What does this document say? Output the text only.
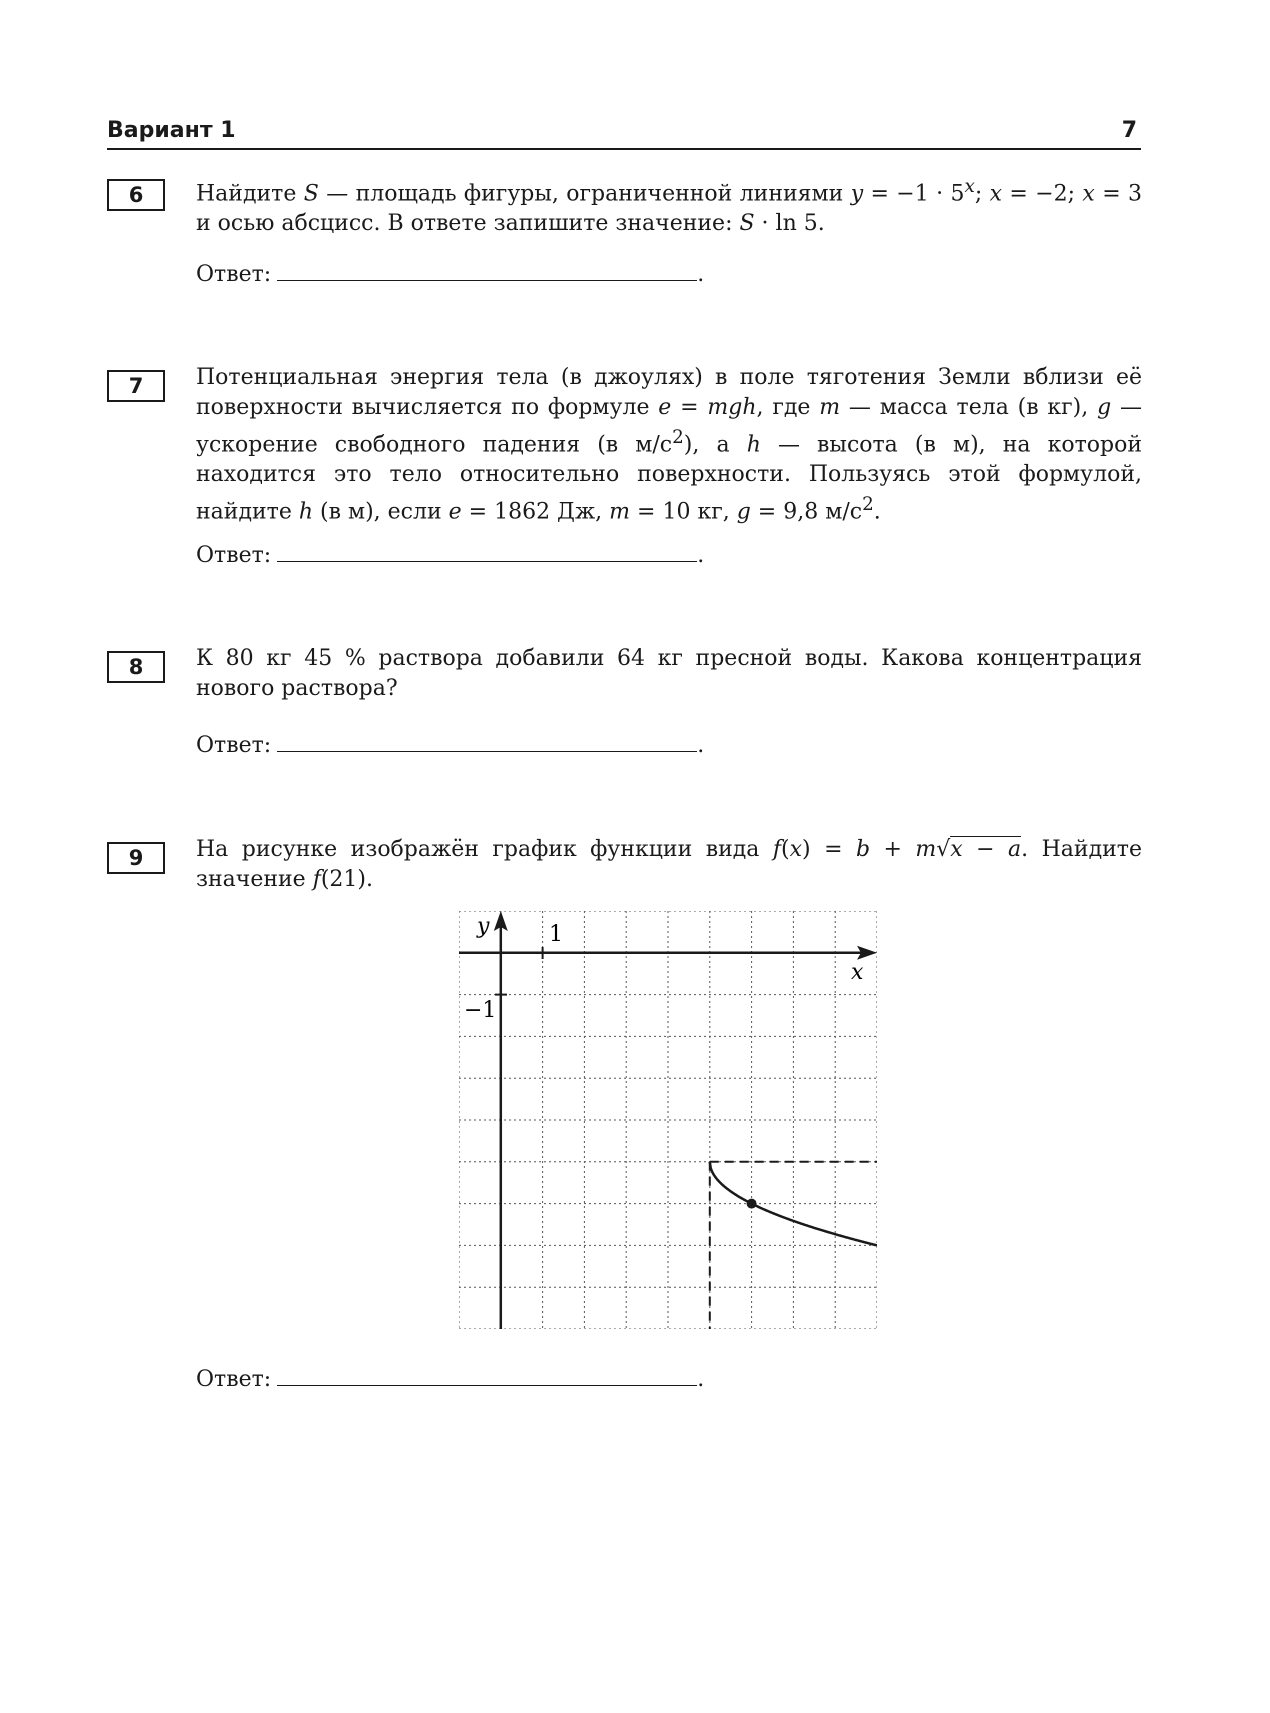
Вариант 1	7
6	Найдите S — площадь фигуры, ограниченной линиями $y = -1 \cdot 5^x$; x = −2; x = 3 и осью абсцисс. В ответе запишите значение: S · ln 5.

Ответ:	.
7	Потенциальная энергия тела (в джоулях) в поле тяготения Земли вблизи её поверхности вычисляется по формуле e = mgh, где m — масса тела (в кг), g — ускорение свободного падения (в $м/с^2$), а h — высота (в м), на которой находится это тело относительно поверхности. Пользуясь этой формулой, найдите h (в м), если e = 1862 Дж, m = 10 кг, g = 9,8 $м/с^2$.

Ответ:	.
8	К 80 кг 45 % раствора добавили 64 кг пресной воды. Какова концентрация нового раствора?

Ответ:	.
9	На рисунке изображён график функции вида f(x) = b + m√x − a. Найдите значение f(21).

y
x
1
−1
Ответ:	.
